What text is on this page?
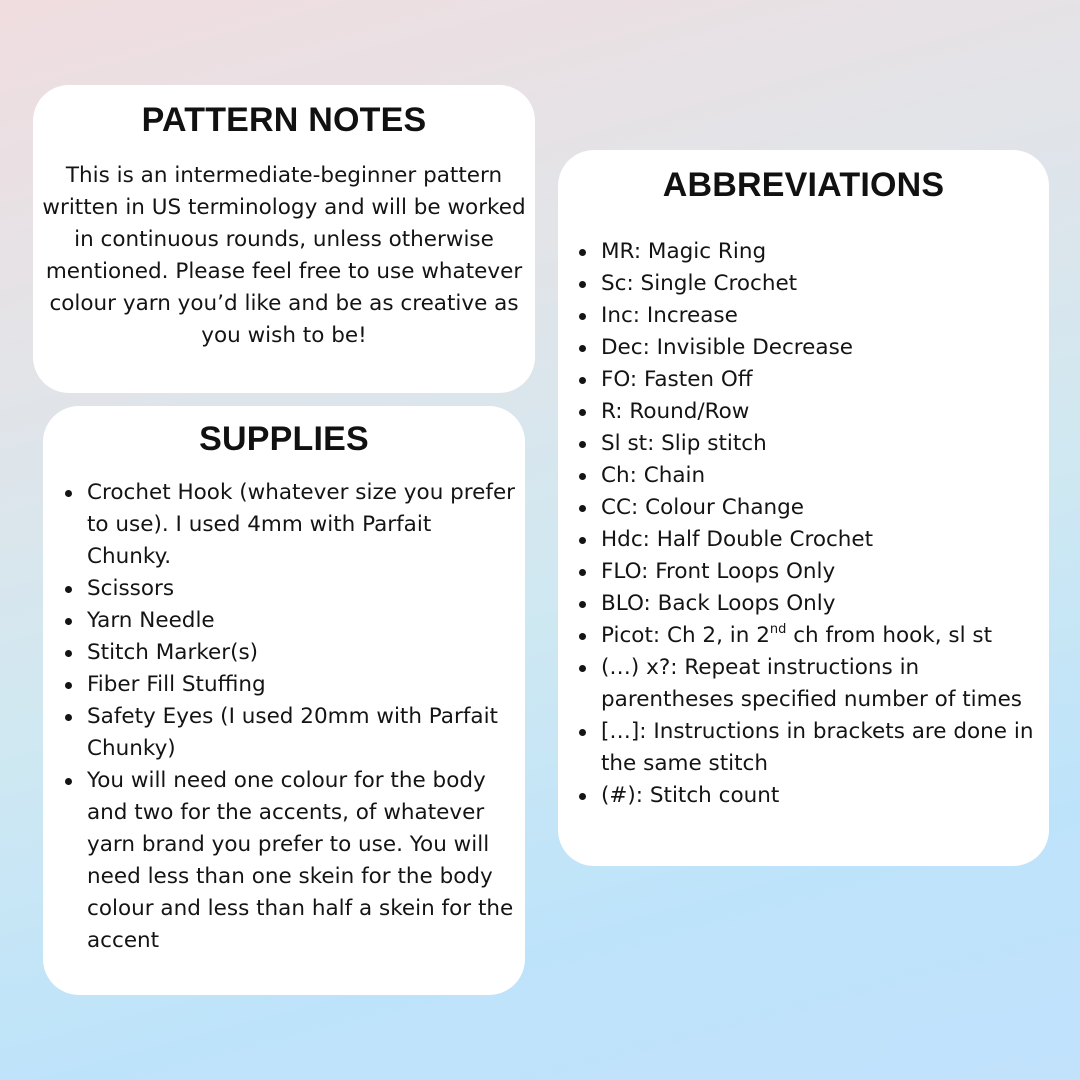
PATTERN NOTES

This is an intermediate-beginner pattern written in US terminology and will be worked in continuous rounds, unless otherwise mentioned. Please feel free to use whatever colour yarn you’d like and be as creative as you wish to be!

SUPPLIES
Crochet Hook (whatever size you prefer to use). I used 4mm with Parfait Chunky.
Scissors
Yarn Needle
Stitch Marker(s)
Fiber Fill Stuffing
Safety Eyes (I used 20mm with Parfait Chunky)
You will need one colour for the body and two for the accents, of whatever yarn brand you prefer to use. You will need less than one skein for the body colour and less than half a skein for the accent
ABBREVIATIONS
MR: Magic Ring
Sc: Single Crochet
Inc: Increase
Dec: Invisible Decrease
FO: Fasten Off
R: Round/Row
Sl st: Slip stitch
Ch: Chain
CC: Colour Change
Hdc: Half Double Crochet
FLO: Front Loops Only
BLO: Back Loops Only
Picot: Ch 2, in 2nd ch from hook, sl st
(…) x?: Repeat instructions in parentheses specified number of times
[…]: Instructions in brackets are done in the same stitch
(#): Stitch count
